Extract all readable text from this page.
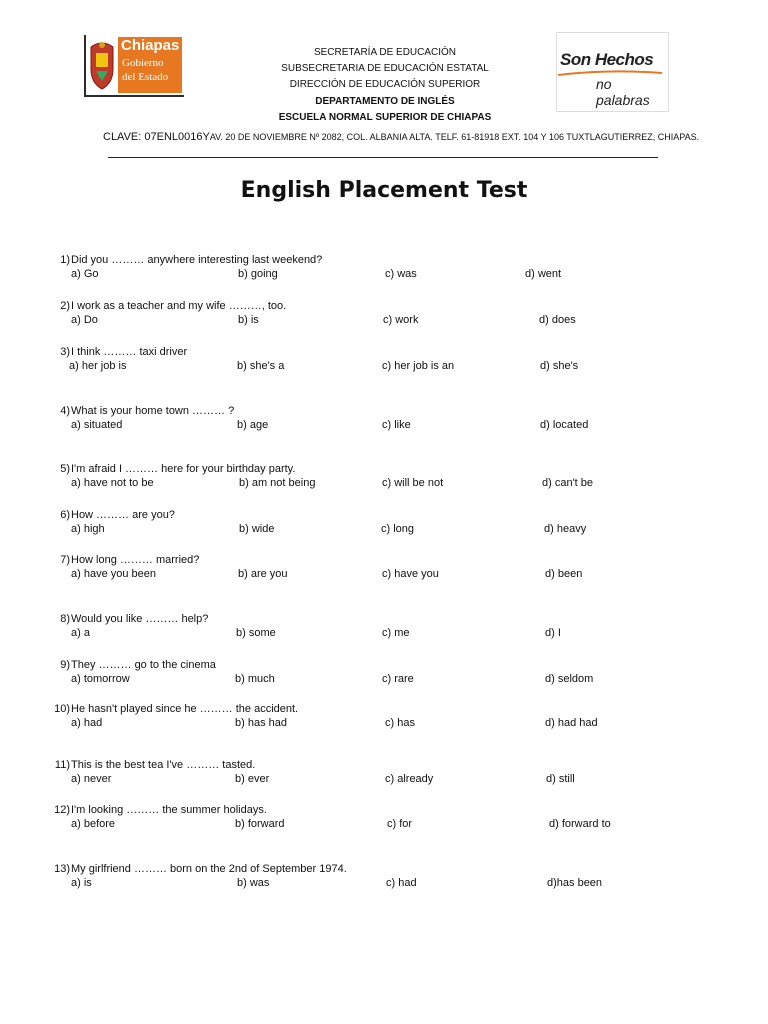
Chiapas
Gobierno
del Estado
SECRETARÍA DE EDUCACIÓN
SUBSECRETARIA DE EDUCACIÓN ESTATAL
DIRECCIÓN DE EDUCACIÓN SUPERIOR
DEPARTAMENTO DE INGLÉS
ESCUELA NORMAL SUPERIOR DE CHIAPAS
Son Hechos
no palabras
CLAVE: 07ENL0016YAV. 20 DE NOVIEMBRE Nº 2082, COL. ALBANIA ALTA. TELF. 61-81918 EXT. 104 Y 106 TUXTLAGUTIERREZ, CHIAPAS.
English Placement Test
1) Did you ……… anywhere interesting last weekend?
a) Go	b) going	c) was	d) went
2) I work as a teacher and my wife ………, too.
a) Do	b) is	c) work	d) does
3) I think ……… taxi driver
a) her job is	b) she's a	c) her job is an	d) she's
4) What is your home town ……… ?
a) situated	b) age	c) like	d) located
5) I'm afraid I ……… here for your birthday party.
a) have not to be	b) am not being	c) will be not	d) can't be
6) How ……… are you?
a) high	b) wide	c) long	d) heavy
7) How long ……… married?
a) have you been	b) are you	c) have you	d) been
8) Would you like ……… help?
a) a	b) some	c) me	d) I
9) They ……… go to the cinema
a) tomorrow	b) much	c) rare	d) seldom
10) He hasn't played since he ……… the accident.
a) had	b) has had	c) has	d) had had
11) This is the best tea I've ……… tasted.
a) never	b) ever	c) already	d) still
12) I'm looking ……… the summer holidays.
a) before	b) forward	c) for	d) forward to
13) My girlfriend ……… born on the 2nd of September 1974.
a) is	b) was	c) had	d)has been
